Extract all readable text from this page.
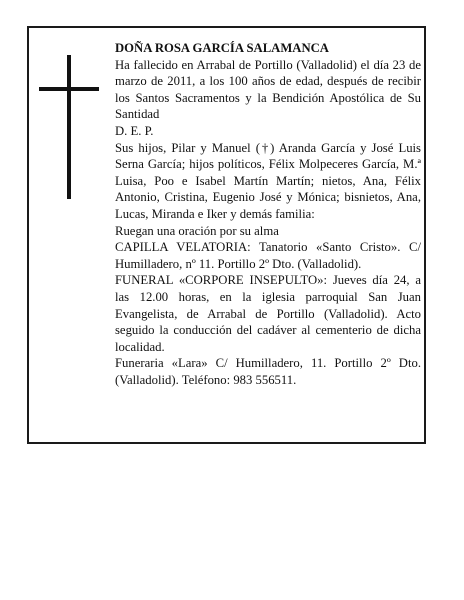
DOÑA ROSA GARCÍA SALAMANCA

Ha fallecido en Arrabal de Portillo (Valladolid) el día 23 de marzo de 2011, a los 100 años de edad, después de recibir los Santos Sacramentos y la Bendición Apostólica de Su Santidad

D. E. P.

Sus hijos, Pilar y Manuel (†) Aranda García y José Luis Serna García; hijos políticos, Félix Molpeceres García, M.ª Luisa, Poo e Isabel Martín Martín; nietos, Ana, Félix Antonio, Cristina, Eugenio José y Mónica; bisnietos, Ana, Lucas, Miranda e Iker y demás familia:

Ruegan una oración por su alma

CAPILLA VELATORIA: Tanatorio «Santo Cristo». C/ Humilladero, nº 11. Portillo 2º Dto. (Valladolid).

FUNERAL «CORPORE INSEPULTO»: Jueves día 24, a las 12.00 horas, en la iglesia parroquial San Juan Evangelista, de Arrabal de Portillo (Valladolid). Acto seguido la conducción del cadáver al cementerio de dicha localidad.

Funeraria «Lara» C/ Humilladero, 11. Portillo 2º Dto. (Valladolid). Teléfono: 983 556511.
